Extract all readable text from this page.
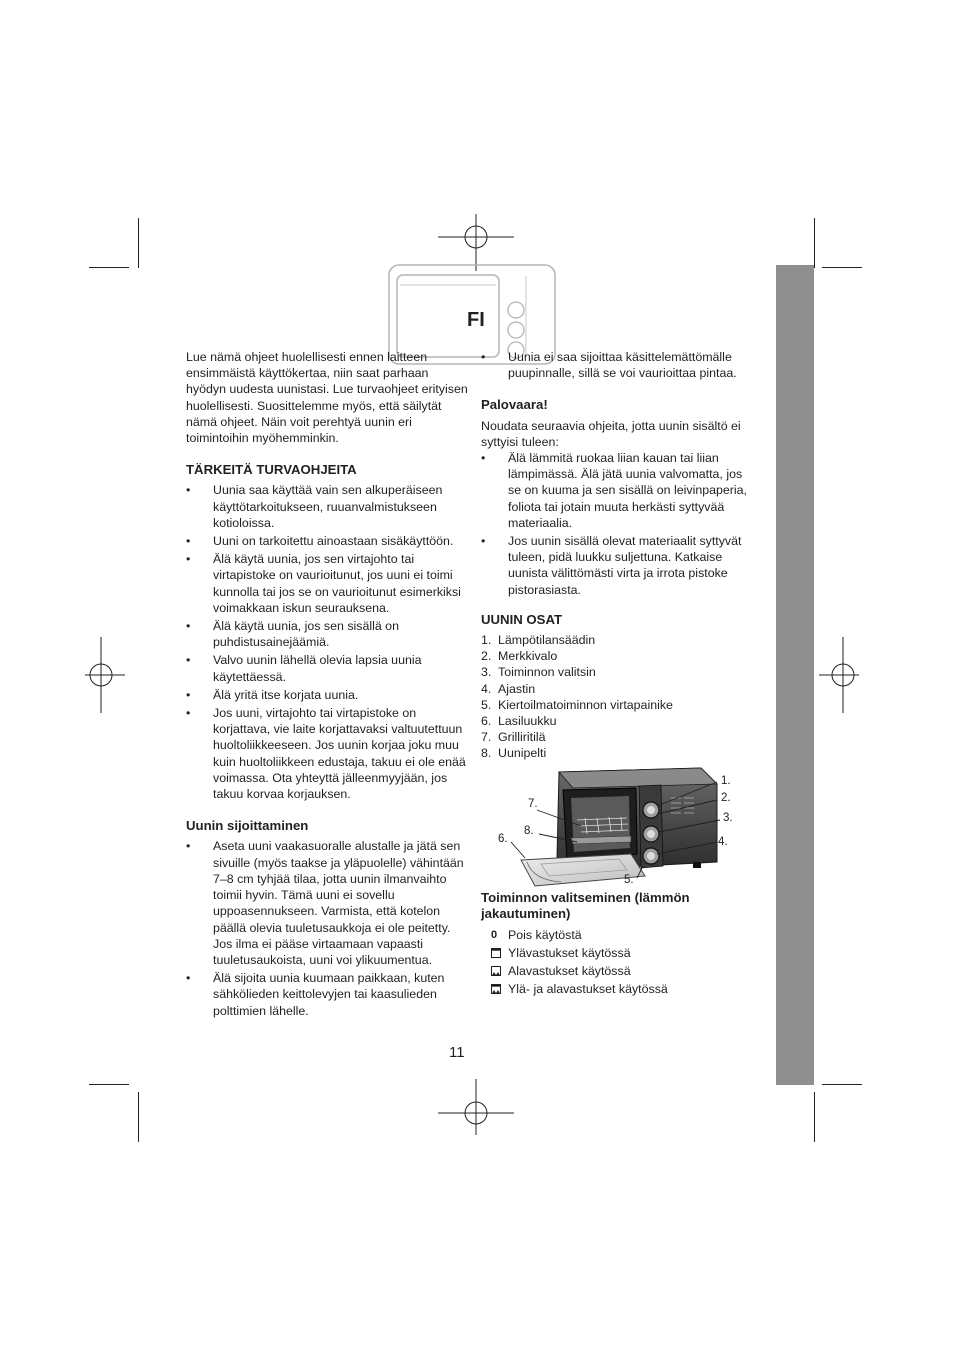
FI

Lue nämä ohjeet huolellisesti ennen laitteen ensimmäistä käyttökertaa, niin saat parhaan hyödyn uudesta uunistasi. Lue turvaohjeet erityisen huolellisesti. Suosittelemme myös, että säilytät nämä ohjeet. Näin voit perehtyä uunin eri toimintoihin myöhemminkin.

TÄRKEITÄ TURVAOHJEITA
• Uunia saa käyttää vain sen alkuperäiseen käyttötarkoitukseen, ruuanvalmistukseen kotioloissa.
• Uuni on tarkoitettu ainoastaan sisäkäyttöön.
• Älä käytä uunia, jos sen virtajohto tai virtapistoke on vaurioitunut, jos uuni ei toimi kunnolla tai jos se on vaurioitunut esimerkiksi voimakkaan iskun seurauksena.
• Älä käytä uunia, jos sen sisällä on puhdistusainejäämiä.
• Valvo uunin lähellä olevia lapsia uunia käytettäessä.
• Älä yritä itse korjata uunia.
• Jos uuni, virtajohto tai virtapistoke on korjattava, vie laite korjattavaksi valtuutettuun huoltoliikkeeseen. Jos uunin korjaa joku muu kuin huoltoliikkeen edustaja, takuu ei ole enää voimassa. Ota yhteyttä jälleenmyyjään, jos takuu korvaa korjauksen.
Uunin sijoittaminen
• Aseta uuni vaakasuoralle alustalle ja jätä sen sivuille (myös taakse ja yläpuolelle) vähintään 7–8 cm tyhjää tilaa, jotta uunin ilmanvaihto toimii hyvin. Tämä uuni ei sovellu uppoasennukseen. Varmista, että kotelon päällä olevia tuuletusaukkoja ei ole peitetty. Jos ilma ei pääse virtaamaan vapaasti tuuletusaukoista, uuni voi ylikuumentua.
• Älä sijoita uunia kuumaan paikkaan, kuten sähkölieden keittolevyjen tai kaasulieden polttimien lähelle.
• Uunia ei saa sijoittaa käsittelemättömälle puupinnalle, sillä se voi vaurioittaa pintaa.
Palovaara!

Noudata seuraavia ohjeita, jotta uunin sisältö ei syttyisi tuleen:

• Älä lämmitä ruokaa liian kauan tai liian lämpimässä. Älä jätä uunia valvomatta, jos se on kuuma ja sen sisällä on leivinpaperia, foliota tai jotain muuta herkästi syttyvää materiaalia.
• Jos uunin sisällä olevat materiaalit syttyvät tuleen, pidä luukku suljettuna. Katkaise uunista välittömästi virta ja irrota pistoke pistorasiasta.
UUNIN OSAT
1. Lämpötilansäädin
2. Merkkivalo
3. Toiminnon valitsin
4. Ajastin
5. Kiertoilmatoiminnon virtapainike
6. Lasiluukku
7. Grilliritilä
8. Uunipelti
1.
2.
3.
4.
5.
6.
7.
8.
Toiminnon valitseminen (lämmön jakautuminen)
0 Pois käytöstä
Ylävastukset käytössä
Alavastukset käytössä
Ylä- ja alavastukset käytössä
11
